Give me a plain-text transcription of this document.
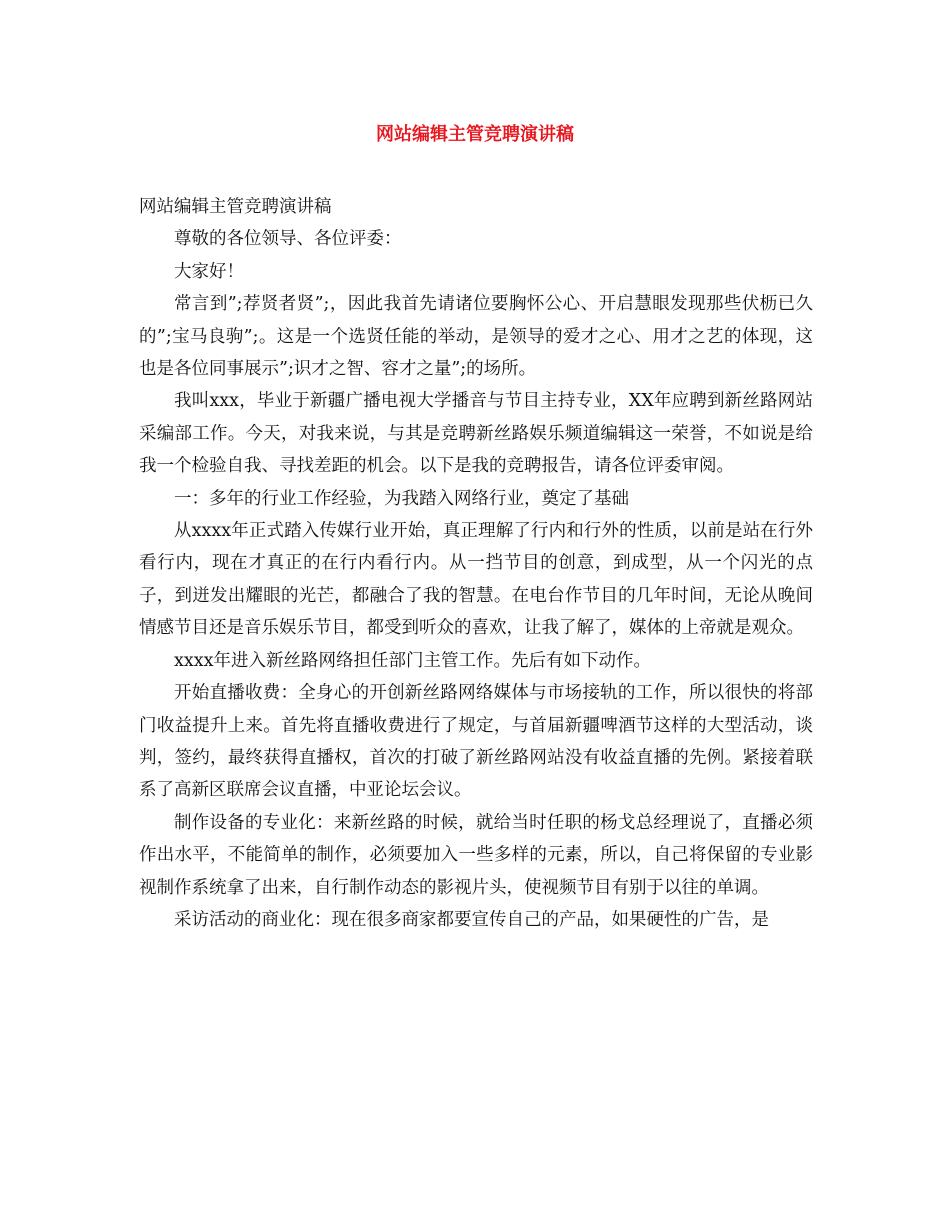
网站编辑主管竞聘演讲稿

网站编辑主管竞聘演讲稿

尊敬的各位领导、各位评委：

大家好！

常言到”;荐贤者贤”;，因此我首先请诸位要胸怀公心、开启慧眼发现那些伏枥已久的”;宝马良驹”;。这是一个选贤任能的举动，是领导的爱才之心、用才之艺的体现，这也是各位同事展示”;识才之智、容才之量”;的场所。

我叫xxx，毕业于新疆广播电视大学播音与节目主持专业，XX年应聘到新丝路网站采编部工作。今天，对我来说，与其是竞聘新丝路娱乐频道编辑这一荣誉，不如说是给我一个检验自我、寻找差距的机会。以下是我的竞聘报告，请各位评委审阅。

一：多年的行业工作经验，为我踏入网络行业，奠定了基础

从xxxx年正式踏入传媒行业开始，真正理解了行内和行外的性质，以前是站在行外看行内，现在才真正的在行内看行内。从一挡节目的创意，到成型，从一个闪光的点子，到迸发出耀眼的光芒，都融合了我的智慧。在电台作节目的几年时间，无论从晚间情感节目还是音乐娱乐节目，都受到听众的喜欢，让我了解了，媒体的上帝就是观众。

xxxx年进入新丝路网络担任部门主管工作。先后有如下动作。

开始直播收费：全身心的开创新丝路网络媒体与市场接轨的工作，所以很快的将部门收益提升上来。首先将直播收费进行了规定，与首届新疆啤酒节这样的大型活动，谈判，签约，最终获得直播权，首次的打破了新丝路网站没有收益直播的先例。紧接着联系了高新区联席会议直播，中亚论坛会议。

制作设备的专业化：来新丝路的时候，就给当时任职的杨戈总经理说了，直播必须作出水平，不能简单的制作，必须要加入一些多样的元素，所以，自己将保留的专业影视制作系统拿了出来，自行制作动态的影视片头，使视频节目有别于以往的单调。

采访活动的商业化：现在很多商家都要宣传自己的产品，如果硬性的广告，是
